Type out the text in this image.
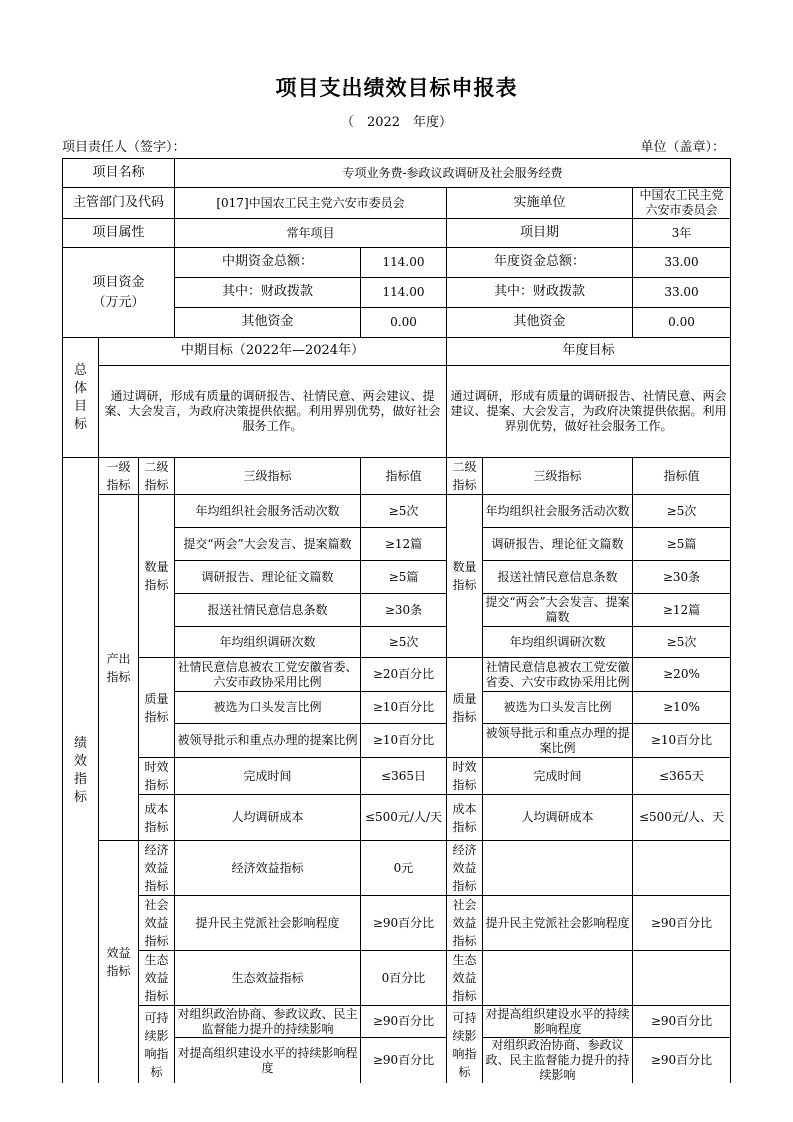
项目支出绩效目标申报表
（　2022　年度）
项目责任人（签字）：	单位（盖章）：
项目名称			专项业务费-参政议政调研及社会服务经费				
主管部门及代码			[017]中国农工民主党六安市委员会		实施单位		中国农工民主党六安市委员会
项目属性			常年项目		项目期		3年

项目资金（万元）			中期资金总额：	114.00	年度资金总额：		33.00
			其中：财政拨款	114.00	其中：财政拨款		33.00
			其他资金	0.00	其他资金		0.00
总体目标	中期目标（2022年—2024年）				年度目标		
	通过调研，形成有质量的调研报告、社情民意、两会建议、提案、大会发言，为政府决策提供依据。利用界别优势，做好社会服务工作。				通过调研，形成有质量的调研报告、社情民意、两会建议、提案、大会发言，为政府决策提供依据。利用界别优势，做好社会服务工作。		
绩效指标	一级指标	二级指标	三级指标	指标值	二级指标	三级指标	指标值
	产出指标	数量指标	年均组织社会服务活动次数	≥5次	数量指标	年均组织社会服务活动次数	≥5次
			提交“两会”大会发言、提案篇数	≥12篇		调研报告、理论征文篇数	≥5篇
			调研报告、理论征文篇数	≥5篇		报送社情民意信息条数	≥30条
			报送社情民意信息条数	≥30条		提交“两会”大会发言、提案篇数	≥12篇
			年均组织调研次数	≥5次		年均组织调研次数	≥5次
		质量指标	社情民意信息被农工党安徽省委、六安市政协采用比例	≥20百分比	质量指标	社情民意信息被农工党安徽省委、六安市政协采用比例	≥20%
			被选为口头发言比例	≥10百分比		被选为口头发言比例	≥10%
			被领导批示和重点办理的提案比例	≥10百分比		被领导批示和重点办理的提案比例	≥10百分比
		时效指标	完成时间	≤365日	时效指标	完成时间	≤365天
		成本指标	人均调研成本	≤500元/人/天	成本指标	人均调研成本	≤500元/人、天
	效益指标	经济效益指标	经济效益指标	0元	经济效益指标		
		社会效益指标	提升民主党派社会影响程度	≥90百分比	社会效益指标	提升民主党派社会影响程度	≥90百分比
		生态效益指标	生态效益指标	0百分比	生态效益指标		
		可持续影响指标	对组织政治协商、参政议政、民主监督能力提升的持续影响	≥90百分比	可持续影响指标	对提高组织建设水平的持续影响程度	≥90百分比
			对提高组织建设水平的持续影响程度	≥90百分比		对组织政治协商、参政议政、民主监督能力提升的持续影响	≥90百分比
